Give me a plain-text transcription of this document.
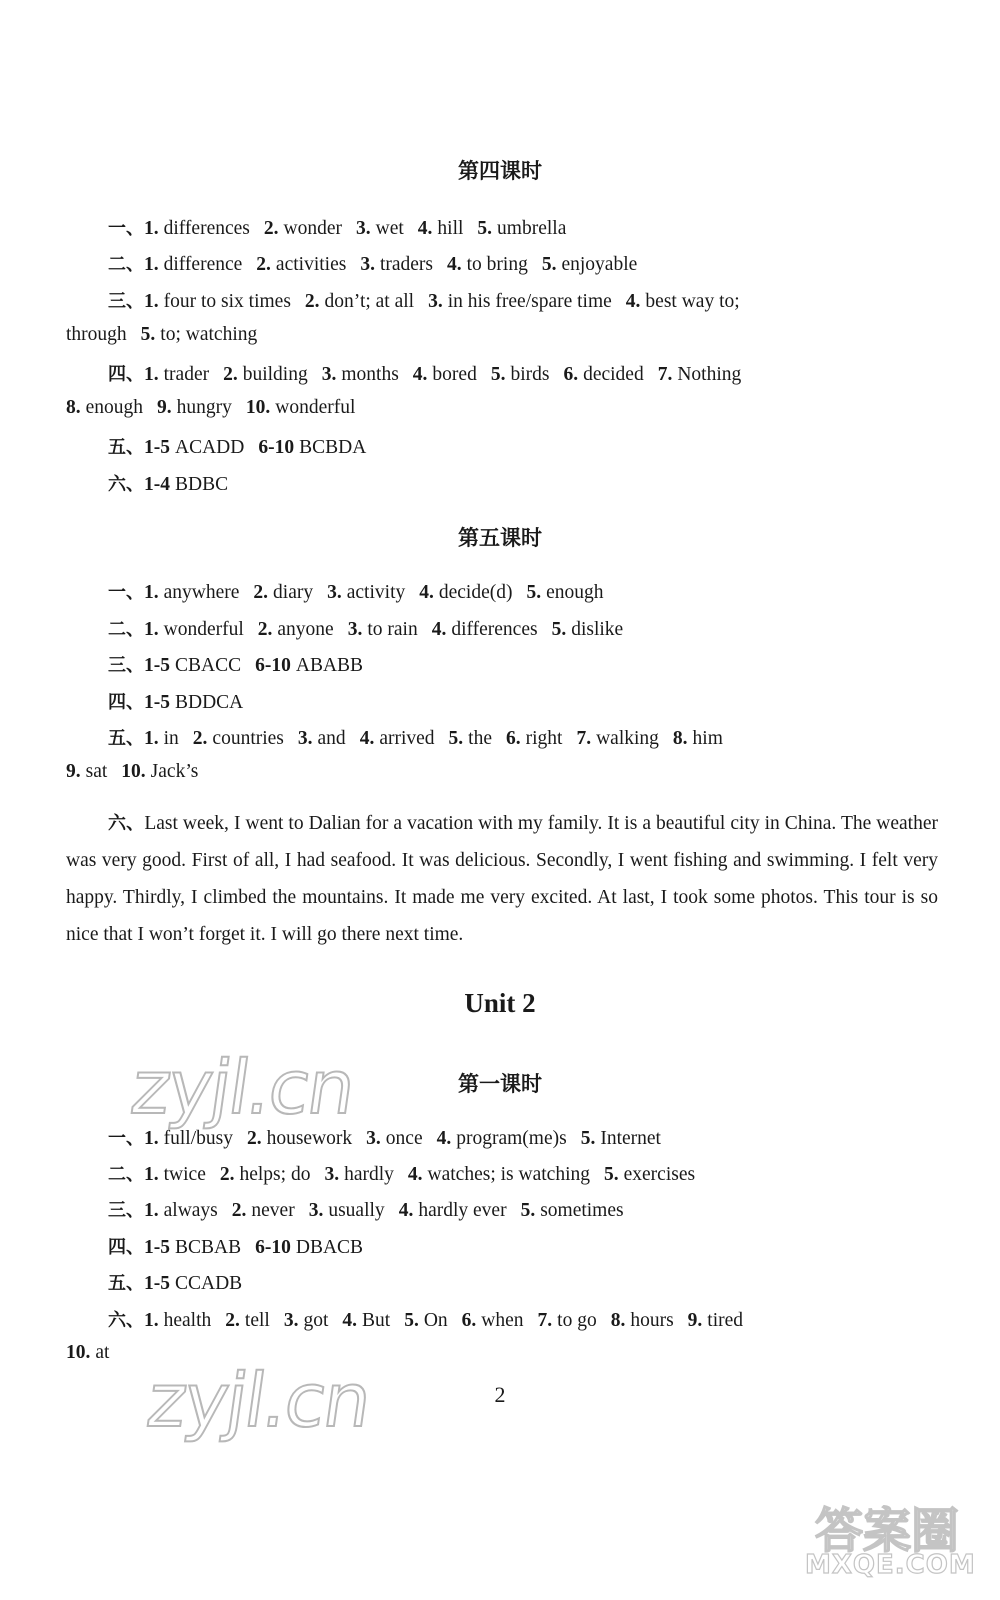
第四课时
一、1. differences 2. wonder 3. wet 4. hill 5. umbrella
二、1. difference 2. activities 3. traders 4. to bring 5. enjoyable
三、1. four to six times 2. don’t; at all 3. in his free/spare time 4. best way to;
through 5. to; watching
四、1. trader 2. building 3. months 4. bored 5. birds 6. decided 7. Nothing
8. enough 9. hungry 10. wonderful
五、1-5 ACADD 6-10 BCBDA
六、1-4 BDBC
第五课时
一、1. anywhere 2. diary 3. activity 4. decide(d) 5. enough
二、1. wonderful 2. anyone 3. to rain 4. differences 5. dislike
三、1-5 CBACC 6-10 ABABB
四、1-5 BDDCA
五、1. in 2. countries 3. and 4. arrived 5. the 6. right 7. walking 8. him
9. sat 10. Jack’s
六、Last week, I went to Dalian for a vacation with my family. It is a beautiful city in China. The weather was very good. First of all, I had seafood. It was delicious. Secondly, I went fishing and swimming. I felt very happy. Thirdly, I climbed the mountains. It made me very excited. At last, I took some photos. This tour is so nice that I won’t forget it. I will go there next time.
Unit 2
第一课时
一、1. full/busy 2. housework 3. once 4. program(me)s 5. Internet
二、1. twice 2. helps; do 3. hardly 4. watches; is watching 5. exercises
三、1. always 2. never 3. usually 4. hardly ever 5. sometimes
四、1-5 BCBAB 6-10 DBACB
五、1-5 CCADB
六、1. health 2. tell 3. got 4. But 5. On 6. when 7. to go 8. hours 9. tired
10. at
2
zyjl.cn
zyjl.cn
答案圈
MXQE.COM
